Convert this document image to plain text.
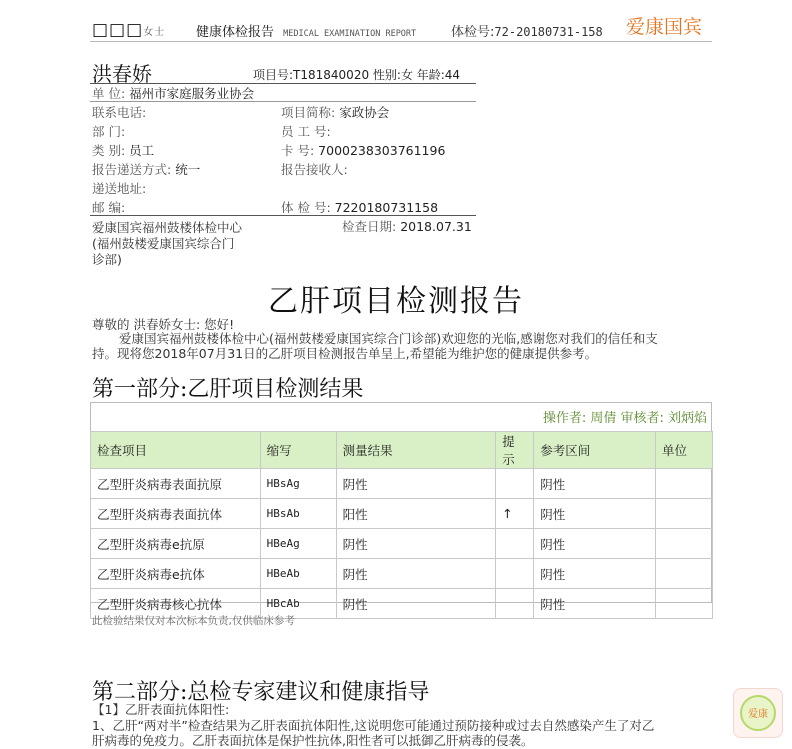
□□□女士 健康体检报告 MEDICAL EXAMINATION REPORT	体检号:72-20180731-158 爱康国宾
洪春娇	项目号:T181840020 性别:女 年龄:44
单 位: 福州市家庭服务业协会
联系电话:	项目简称: 家政协会
部 门:	员 工 号:
类 别: 员工	卡 号: 7000238303761196
报告递送方式: 统一	报告接收人:
递送地址:
邮 编:	体 检 号: 7220180731158
爱康国宾福州鼓楼体检中心
(福州鼓楼爱康国宾综合门
诊部)
检查日期: 2018.07.31
乙肝项目检测报告
尊敬的 洪春娇女士: 您好!
爱康国宾福州鼓楼体检中心(福州鼓楼爱康国宾综合门诊部)欢迎您的光临,感谢您对我们的信任和支
持。现将您2018年07月31日的乙肝项目检测报告单呈上,希望能为维护您的健康提供参考。
第一部分:乙肝项目检测结果
操作者: 周倩 审核者: 刘炳焰
检查项目	缩写	测量结果	提示	参考区间	单位
乙型肝炎病毒表面抗原	HBsAg	阴性		阴性	
乙型肝炎病毒表面抗体	HBsAb	阳性	↑	阴性	
乙型肝炎病毒e抗原	HBeAg	阴性		阴性	
乙型肝炎病毒e抗体	HBeAb	阴性		阴性	
乙型肝炎病毒核心抗体	HBcAb	阴性		阴性	
此检验结果仅对本次标本负责,仅供临床参考
第二部分:总检专家建议和健康指导
【1】乙肝表面抗体阳性:
1、乙肝“两对半”检查结果为乙肝表面抗体阳性,这说明您可能通过预防接种或过去自然感染产生了对乙
肝病毒的免疫力。乙肝表面抗体是保护性抗体,阳性者可以抵御乙肝病毒的侵袭。
爱康
